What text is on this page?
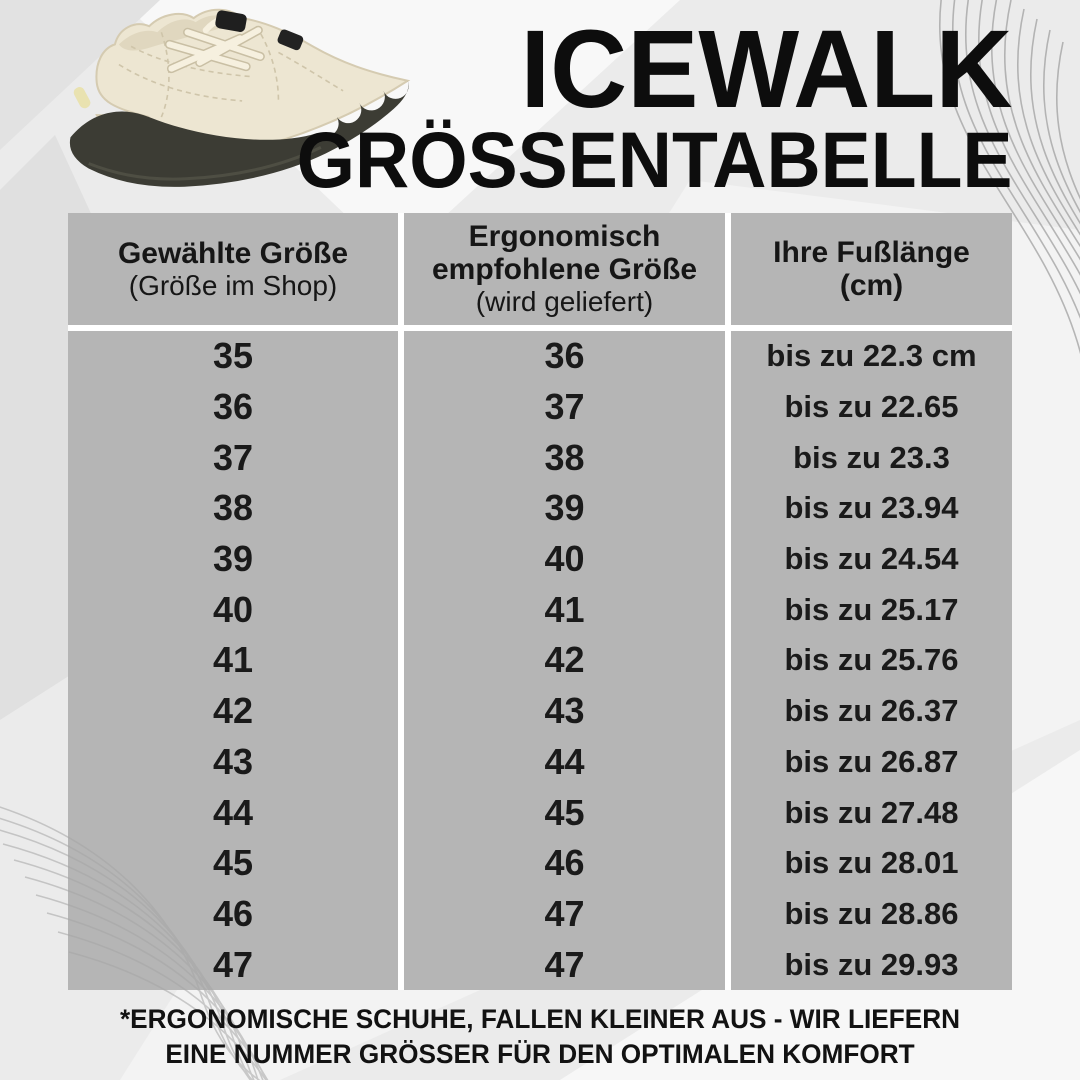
ICEWALK
GRÖSSENTABELLE
Gewählte Größe
(Größe im Shop)
Ergonomisch empfohlene Größe
(wird geliefert)
Ihre Fußlänge
(cm)
35	36	bis zu 22.3 cm
36	37	bis zu 22.65
37	38	bis zu 23.3
38	39	bis zu 23.94
39	40	bis zu 24.54
40	41	bis zu 25.17
41	42	bis zu 25.76
42	43	bis zu 26.37
43	44	bis zu 26.87
44	45	bis zu 27.48
45	46	bis zu 28.01
46	47	bis zu 28.86
47	47	bis zu 29.93
*ERGONOMISCHE SCHUHE, FALLEN KLEINER AUS - WIR LIEFERN
EINE NUMMER GRÖSSER FÜR DEN OPTIMALEN KOMFORT
